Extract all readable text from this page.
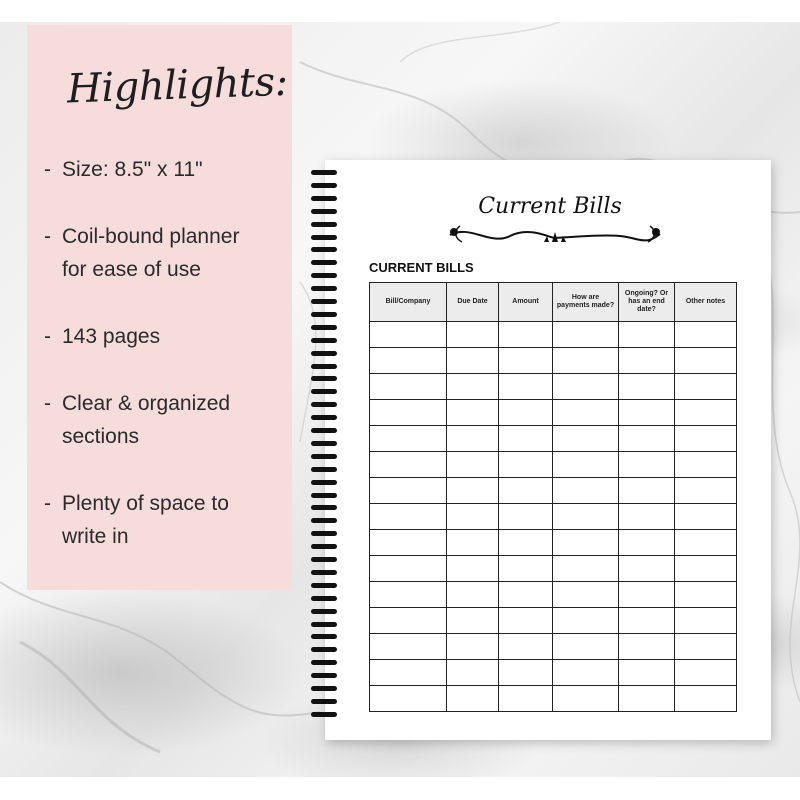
Highlights:
- Size: 8.5" x 11"
- Coil-bound planner
for ease of use
- 143 pages
- Clear & organized
sections
- Plenty of space to
write in
Current Bills
CURRENT BILLS
Bill/Company	Due Date	Amount	How are payments made?	Ongoing? Or has an end date?	Other notes
